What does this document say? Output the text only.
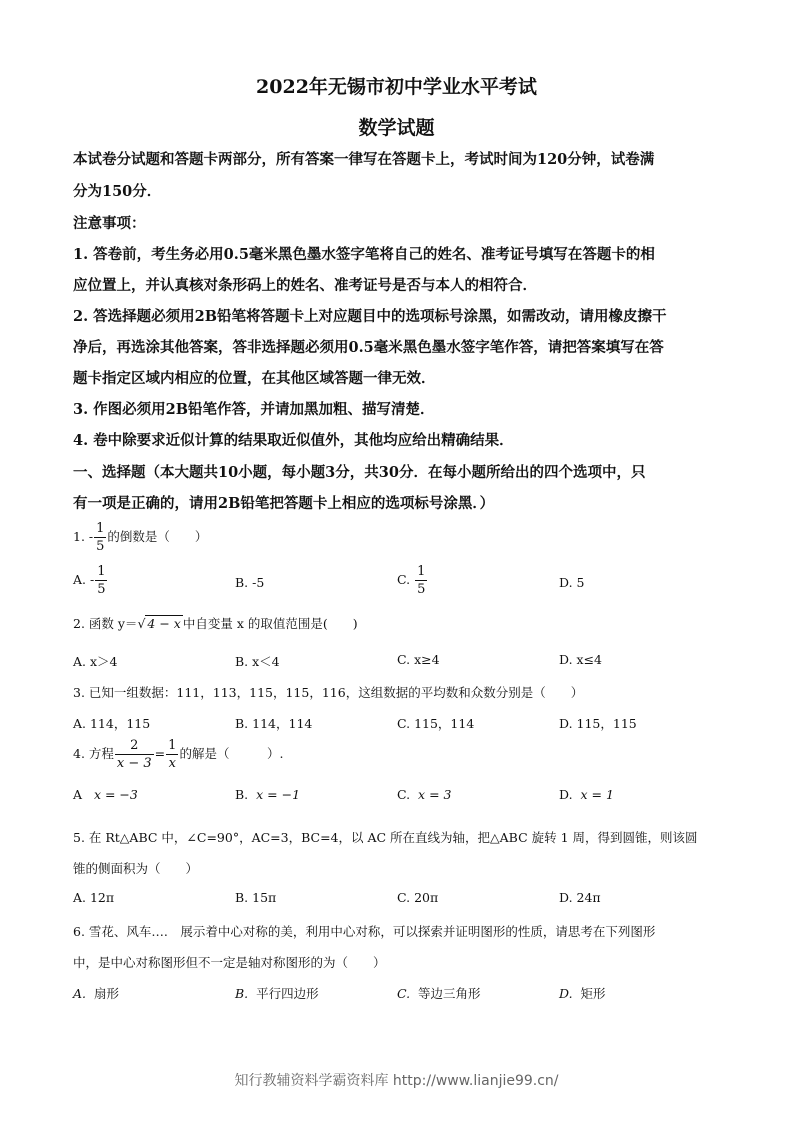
2022年无锡市初中学业水平考试
数学试题
本试卷分试题和答题卡两部分，所有答案一律写在答题卡上，考试时间为120分钟，试卷满
分为150分．
注意事项：
1. 答卷前，考生务必用0.5毫米黑色墨水签字笔将自己的姓名、准考证号填写在答题卡的相
应位置上，并认真核对条形码上的姓名、准考证号是否与本人的相符合．
2. 答选择题必须用2B铅笔将答题卡上对应题目中的选项标号涂黑，如需改动，请用橡皮擦干
净后，再选涂其他答案，答非选择题必须用0.5毫米黑色墨水签字笔作答，请把答案填写在答
题卡指定区域内相应的位置，在其他区域答题一律无效．
3. 作图必须用2B铅笔作答，并请加黑加粗、描写清楚．
4. 卷中除要求近似计算的结果取近似值外，其他均应给出精确结果．
一、选择题（本大题共10小题，每小题3分，共30分．在每小题所给出的四个选项中，只
有一项是正确的，请用2B铅笔把答题卡上相应的选项标号涂黑．）
1. - $\frac{1}{5}$ 的倒数是（　　）
A. - $\frac{1}{5}$	B. -5	C. $\frac{1}{5}$	D. 5
2. 函数 y＝√ 4 − x 中自变量 x 的取值范围是(　　)
A. x＞4	B. x＜4	C. x≥4	D. x≤4
3. 已知一组数据：111，113，115，115，116，这组数据的平均数和众数分别是（　　）
A. 114，115	B. 114，114	C. 115，114	D. 115，115
4. 方程 $\frac{2}{x - 3} = \frac{1}{x}$ 的解是（　　　）.
A x = −3	B. x = −1	C. x = 3	D. x = 1
5. 在 Rt△ABC 中，∠C=90°，AC=3，BC=4，以 AC 所在直线为轴，把△ABC 旋转 1 周，得到圆锥，则该圆
锥的侧面积为（　　）
A. 12π	B. 15π	C. 20π	D. 24π
6. 雪花、风车….　展示着中心对称的美，利用中心对称，可以探索并证明图形的性质，请思考在下列图形
中，是中心对称图形但不一定是轴对称图形的为（　　）
A. 扇形	B. 平行四边形	C. 等边三角形	D. 矩形
知行教辅资料学霸资料库 http://www.lianjie99.cn/
